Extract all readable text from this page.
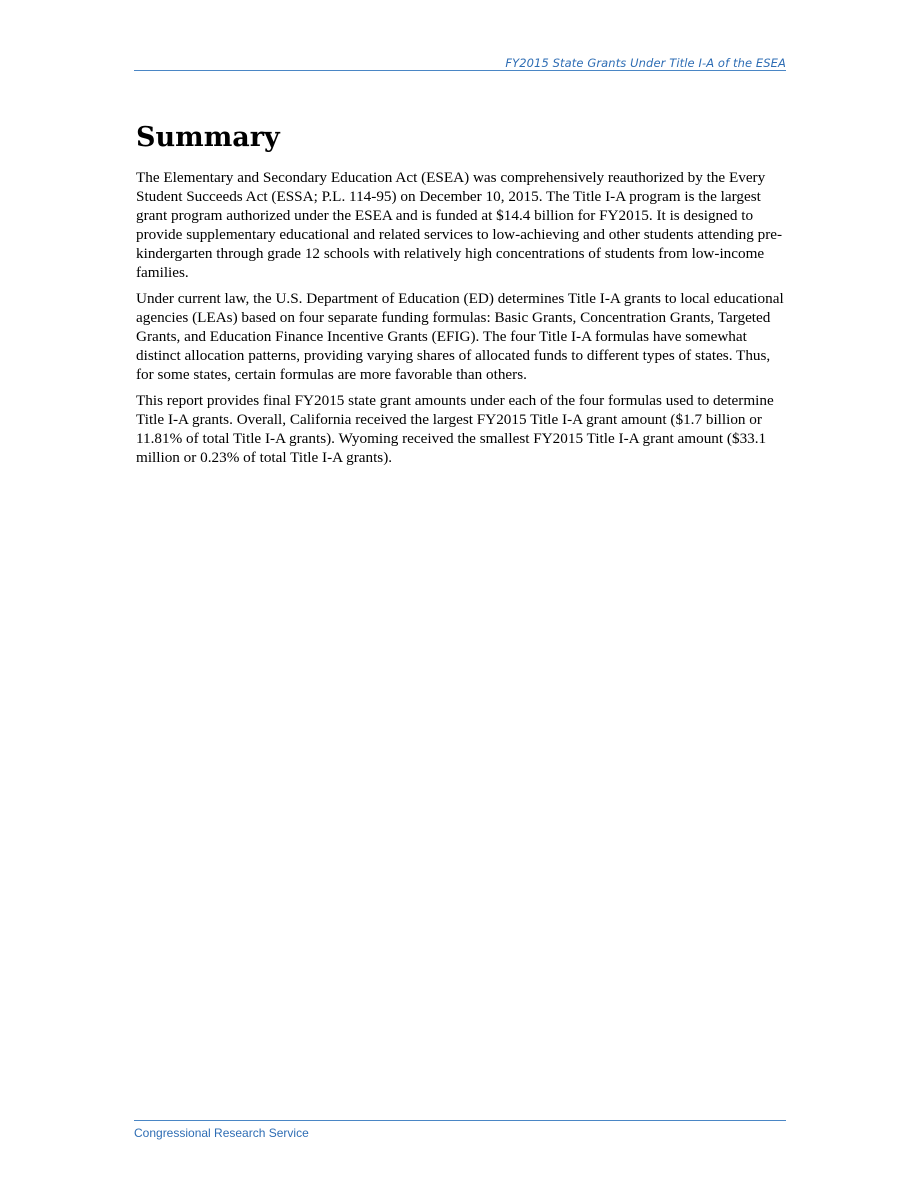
FY2015 State Grants Under Title I-A of the ESEA
Summary

The Elementary and Secondary Education Act (ESEA) was comprehensively reauthorized by the Every Student Succeeds Act (ESSA; P.L. 114-95) on December 10, 2015. The Title I-A program is the largest grant program authorized under the ESEA and is funded at $14.4 billion for FY2015. It is designed to provide supplementary educational and related services to low-achieving and other students attending pre-kindergarten through grade 12 schools with relatively high concentrations of students from low-income families.

Under current law, the U.S. Department of Education (ED) determines Title I-A grants to local educational agencies (LEAs) based on four separate funding formulas: Basic Grants, Concentration Grants, Targeted Grants, and Education Finance Incentive Grants (EFIG). The four Title I-A formulas have somewhat distinct allocation patterns, providing varying shares of allocated funds to different types of states. Thus, for some states, certain formulas are more favorable than others.

This report provides final FY2015 state grant amounts under each of the four formulas used to determine Title I-A grants. Overall, California received the largest FY2015 Title I-A grant amount ($1.7 billion or 11.81% of total Title I-A grants). Wyoming received the smallest FY2015 Title I-A grant amount ($33.1 million or 0.23% of total Title I-A grants).

Congressional Research Service
